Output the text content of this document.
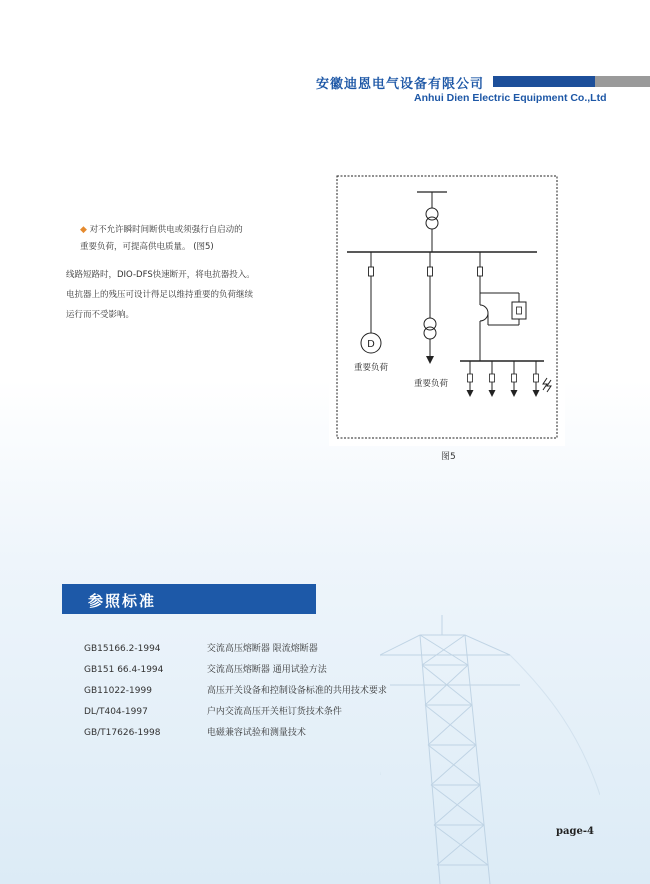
安徽迪恩电气设备有限公司
Anhui Dien Electric Equipment Co.,Ltd
◆ 对不允许瞬时间断供电或须强行自启动的
重要负荷，可提高供电质量。 (图5)
线路短路时，DIO-DFS快速断开，将电抗器投入。
电抗器上的残压可设计得足以维持重要的负荷继续
运行而不受影响。
D
重要负荷
重要负荷
图5
参照标准
GB15166.2-1994	交流高压熔断器 限流熔断器
GB151 66.4-1994	交流高压熔断器 通用试验方法
GB11022-1999	高压开关设备和控制设备标准的共用技术要求
DL/T404-1997	户内交流高压开关柜订货技术条件
GB/T17626-1998	电磁兼容试验和测量技术
page-4
